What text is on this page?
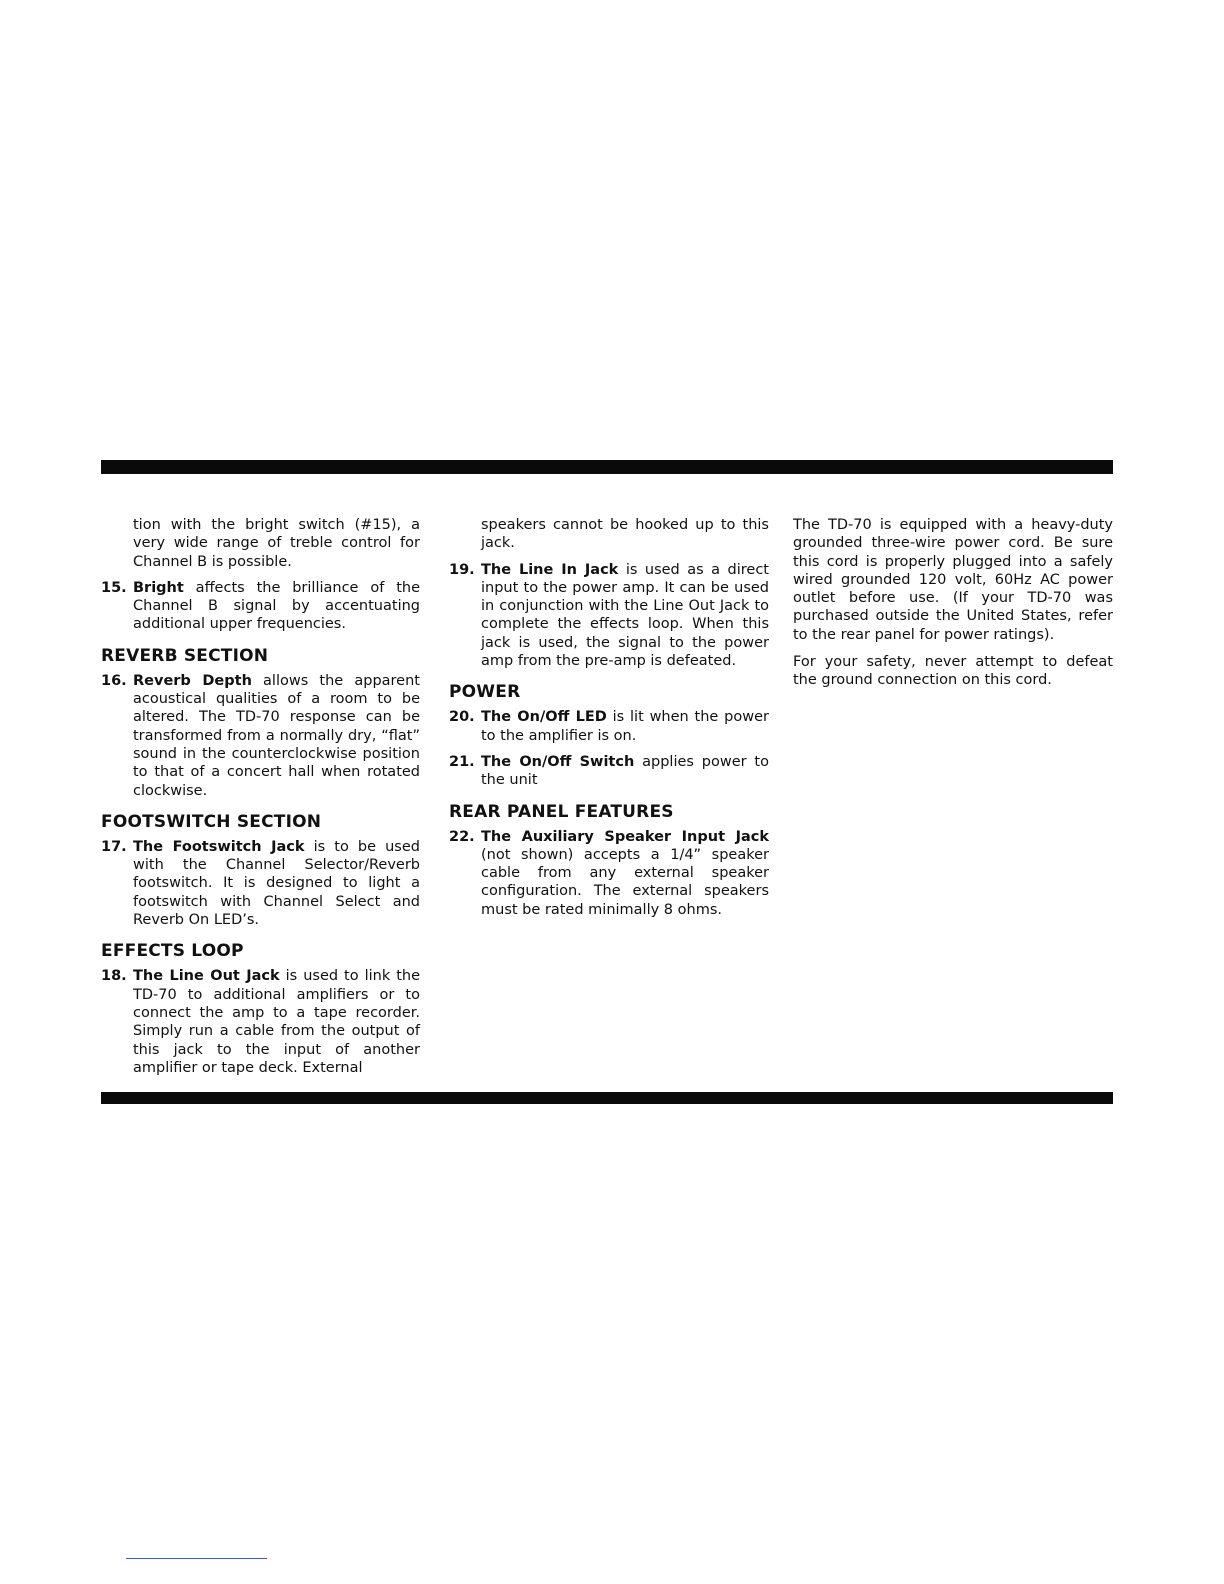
tion with the bright switch (#15), a very wide range of treble control for Channel B is possible.

15. Bright affects the brilliance of the Channel B signal by accentuating additional upper frequencies.

REVERB SECTION

16. Reverb Depth allows the apparent acoustical qualities of a room to be altered. The TD-70 response can be transformed from a normally dry, “flat” sound in the counterclockwise position to that of a concert hall when rotated clockwise.

FOOTSWITCH SECTION

17. The Footswitch Jack is to be used with the Channel Selector/Reverb footswitch. It is designed to light a footswitch with Channel Select and Reverb On LED’s.

EFFECTS LOOP

18. The Line Out Jack is used to link the TD-70 to additional amplifiers or to connect the amp to a tape recorder. Simply run a cable from the output of this jack to the input of another amplifier or tape deck. External

speakers cannot be hooked up to this jack.

19. The Line In Jack is used as a direct input to the power amp. It can be used in conjunction with the Line Out Jack to complete the effects loop. When this jack is used, the signal to the power amp from the pre-amp is defeated.

POWER

20. The On/Off LED is lit when the power to the amplifier is on.

21. The On/Off Switch applies power to the unit

REAR PANEL FEATURES

22. The Auxiliary Speaker Input Jack (not shown) accepts a 1/4” speaker cable from any external speaker configuration. The external speakers must be rated minimally 8 ohms.

The TD-70 is equipped with a heavy-duty grounded three-wire power cord. Be sure this cord is properly plugged into a safely wired grounded 120 volt, 60Hz AC power outlet before use. (If your TD-70 was purchased outside the United States, refer to the rear panel for power ratings).

For your safety, never attempt to defeat the ground connection on this cord.
